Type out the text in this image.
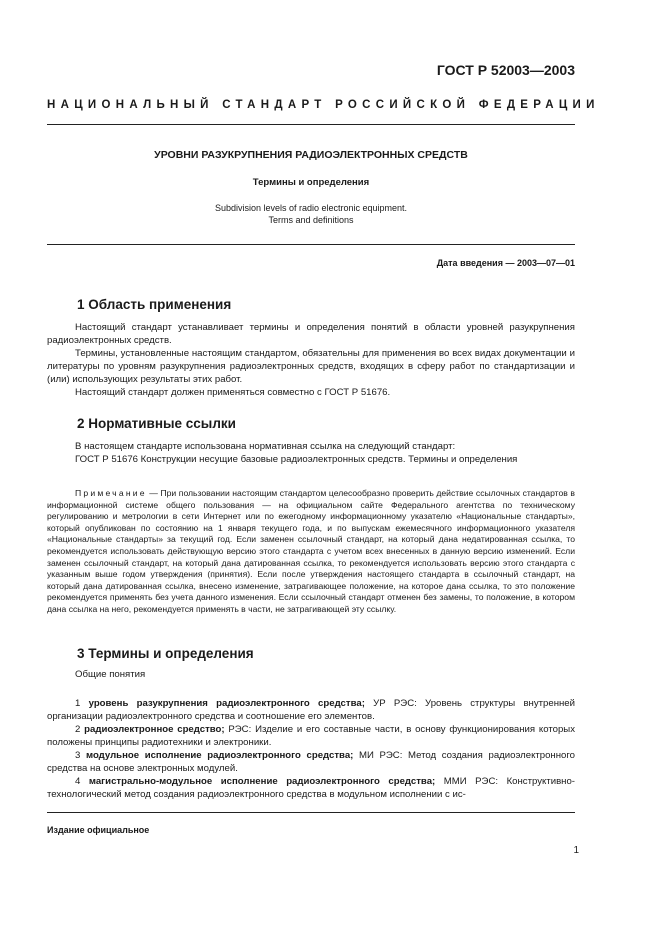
ГОСТ Р 52003—2003
НАЦИОНАЛЬНЫЙ СТАНДАРТ РОССИЙСКОЙ ФЕДЕРАЦИИ
УРОВНИ РАЗУКРУПНЕНИЯ РАДИОЭЛЕКТРОННЫХ СРЕДСТВ
Термины и определения
Subdivision levels of radio electronic equipment.
Terms and definitions
Дата введения — 2003—07—01
1 Область применения

Настоящий стандарт устанавливает термины и определения понятий в области уровней разукрупнения радиоэлектронных средств.

Термины, установленные настоящим стандартом, обязательны для применения во всех видах документации и литературы по уровням разукрупнения радиоэлектронных средств, входящих в сферу работ по стандартизации и (или) использующих результаты этих работ.

Настоящий стандарт должен применяться совместно с ГОСТ Р 51676.

2 Нормативные ссылки

В настоящем стандарте использована нормативная ссылка на следующий стандарт:

ГОСТ Р 51676 Конструкции несущие базовые радиоэлектронных средств. Термины и определения

Примечание — При пользовании настоящим стандартом целесообразно проверить действие ссылочных стандартов в информационной системе общего пользования — на официальном сайте Федерального агентства по техническому регулированию и метрологии в сети Интернет или по ежегодному информационному указателю «Национальные стандарты», который опубликован по состоянию на 1 января текущего года, и по выпускам ежемесячного информационного указателя «Национальные стандарты» за текущий год. Если заменен ссылочный стандарт, на который дана недатированная ссылка, то рекомендуется использовать действующую версию этого стандарта с учетом всех внесенных в данную версию изменений. Если заменен ссылочный стандарт, на который дана датированная ссылка, то рекомендуется использовать версию этого стандарта с указанным выше годом утверждения (принятия). Если после утверждения настоящего стандарта в ссылочный стандарт, на который дана датированная ссылка, внесено изменение, затрагивающее положение, на которое дана ссылка, то это положение рекомендуется применять без учета данного изменения. Если ссылочный стандарт отменен без замены, то положение, в котором дана ссылка на него, рекомендуется применять в части, не затрагивающей эту ссылку.

3 Термины и определения

Общие понятия

1 уровень разукрупнения радиоэлектронного средства; УР РЭС: Уровень структуры внутренней организации радиоэлектронного средства и соотношение его элементов.

2 радиоэлектронное средство; РЭС: Изделие и его составные части, в основу функционирования которых положены принципы радиотехники и электроники.

3 модульное исполнение радиоэлектронного средства; МИ РЭС: Метод создания радиоэлектронного средства на основе электронных модулей.

4 магистрально-модульное исполнение радиоэлектронного средства; ММИ РЭС: Конструктивно-технологический метод создания радиоэлектронного средства в модульном исполнении с ис-

Издание официальное
1
